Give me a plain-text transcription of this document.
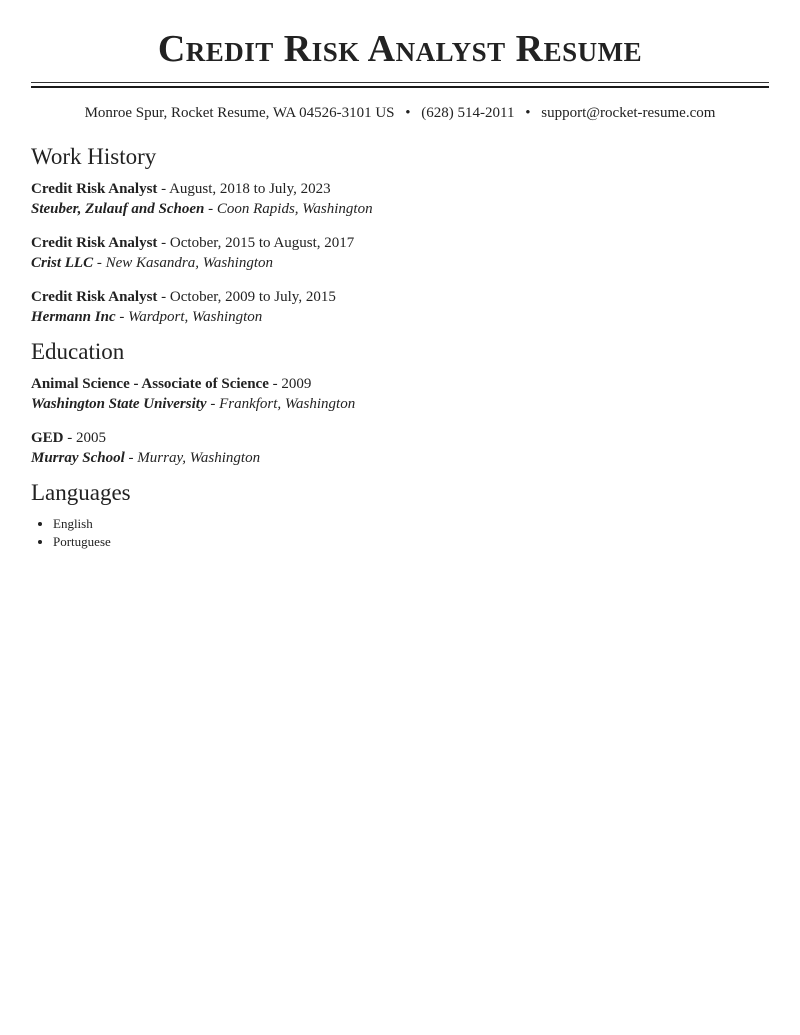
Credit Risk Analyst Resume
Monroe Spur, Rocket Resume, WA 04526-3101 US • (628) 514-2011 • support@rocket-resume.com
Work History
Credit Risk Analyst - August, 2018 to July, 2023
Steuber, Zulauf and Schoen - Coon Rapids, Washington
Credit Risk Analyst - October, 2015 to August, 2017
Crist LLC - New Kasandra, Washington
Credit Risk Analyst - October, 2009 to July, 2015
Hermann Inc - Wardport, Washington
Education
Animal Science - Associate of Science - 2009
Washington State University - Frankfort, Washington
GED - 2005
Murray School - Murray, Washington
Languages
• English
• Portuguese
